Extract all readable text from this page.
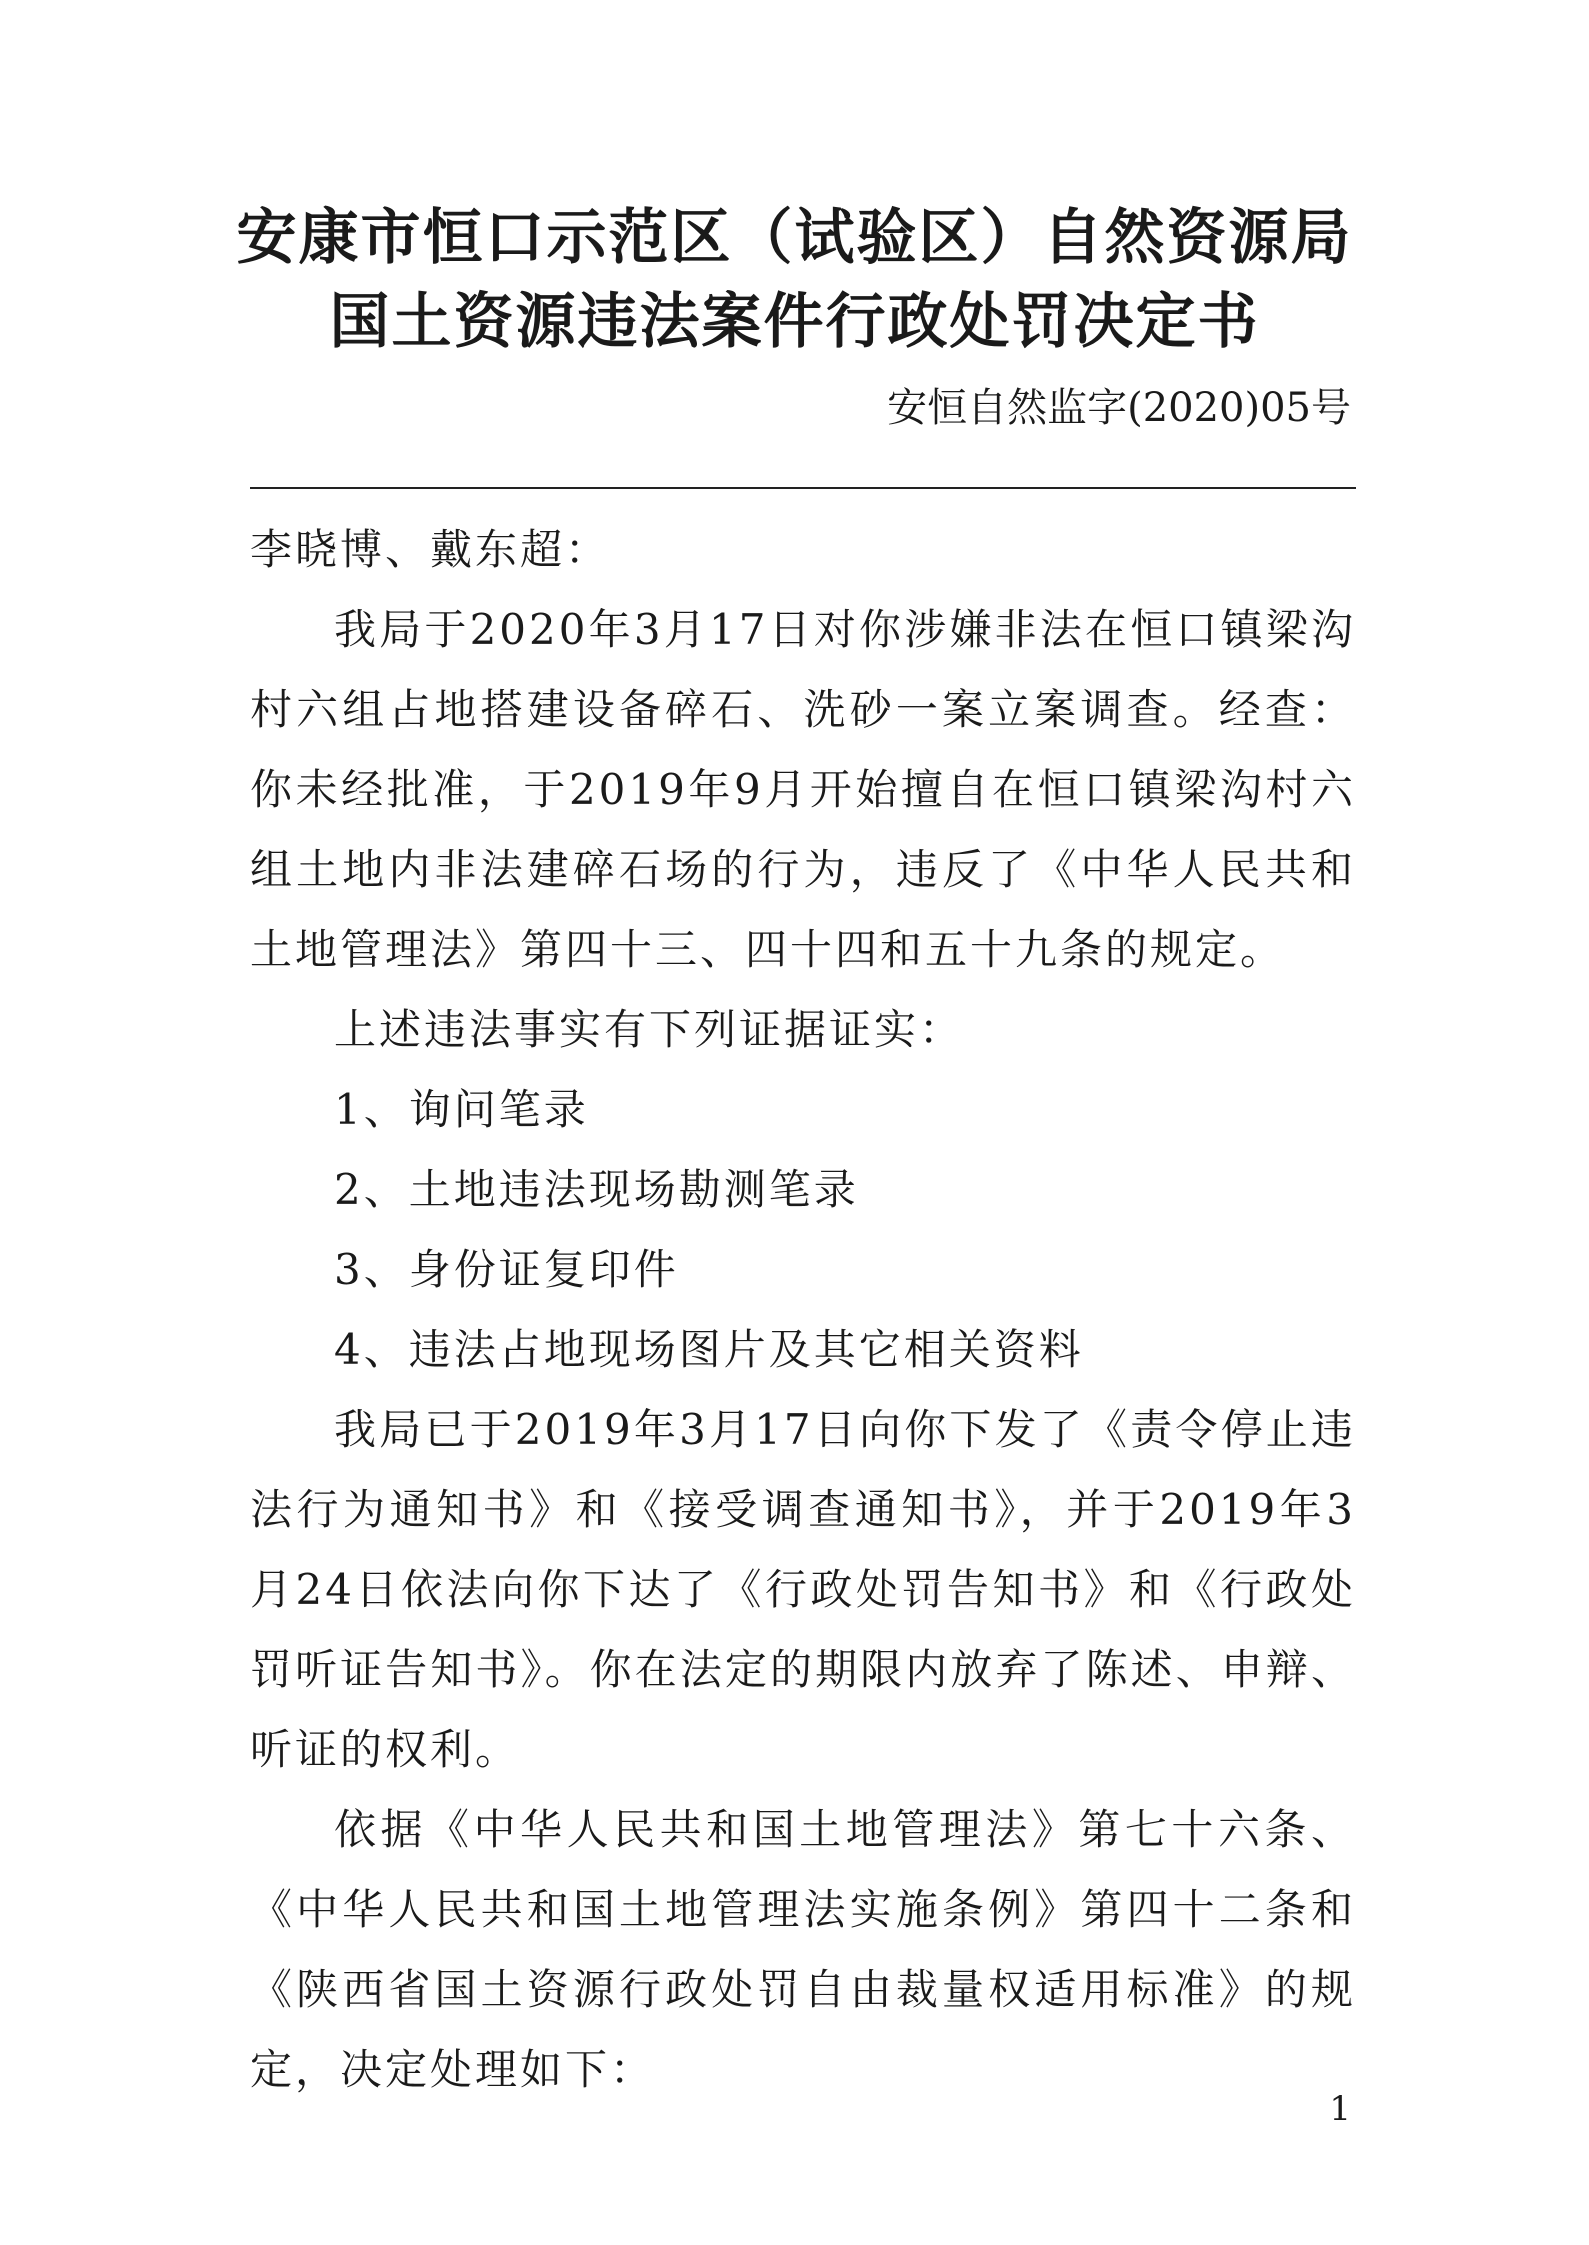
安康市恒口示范区（试验区）自然资源局
国土资源违法案件行政处罚决定书
安恒自然监字(2020)05号

李晓博、戴东超：

我局于2020年3月17日对你涉嫌非法在恒口镇梁沟村六组占地搭建设备碎石、洗砂一案立案调查。经查：你未经批准，于2019年9月开始擅自在恒口镇梁沟村六组土地内非法建碎石场的行为，违反了《中华人民共和土地管理法》第四十三、四十四和五十九条的规定。

上述违法事实有下列证据证实：

1、询问笔录

2、土地违法现场勘测笔录

3、身份证复印件

4、违法占地现场图片及其它相关资料

我局已于2019年3月17日向你下发了《责令停止违法行为通知书》和《接受调查通知书》，并于2019年3月24日依法向你下达了《行政处罚告知书》和《行政处罚听证告知书》。你在法定的期限内放弃了陈述、申辩、听证的权利。

依据《中华人民共和国土地管理法》第七十六条、《中华人民共和国土地管理法实施条例》第四十二条和《陕西省国土资源行政处罚自由裁量权适用标准》的规定，决定处理如下：

1
